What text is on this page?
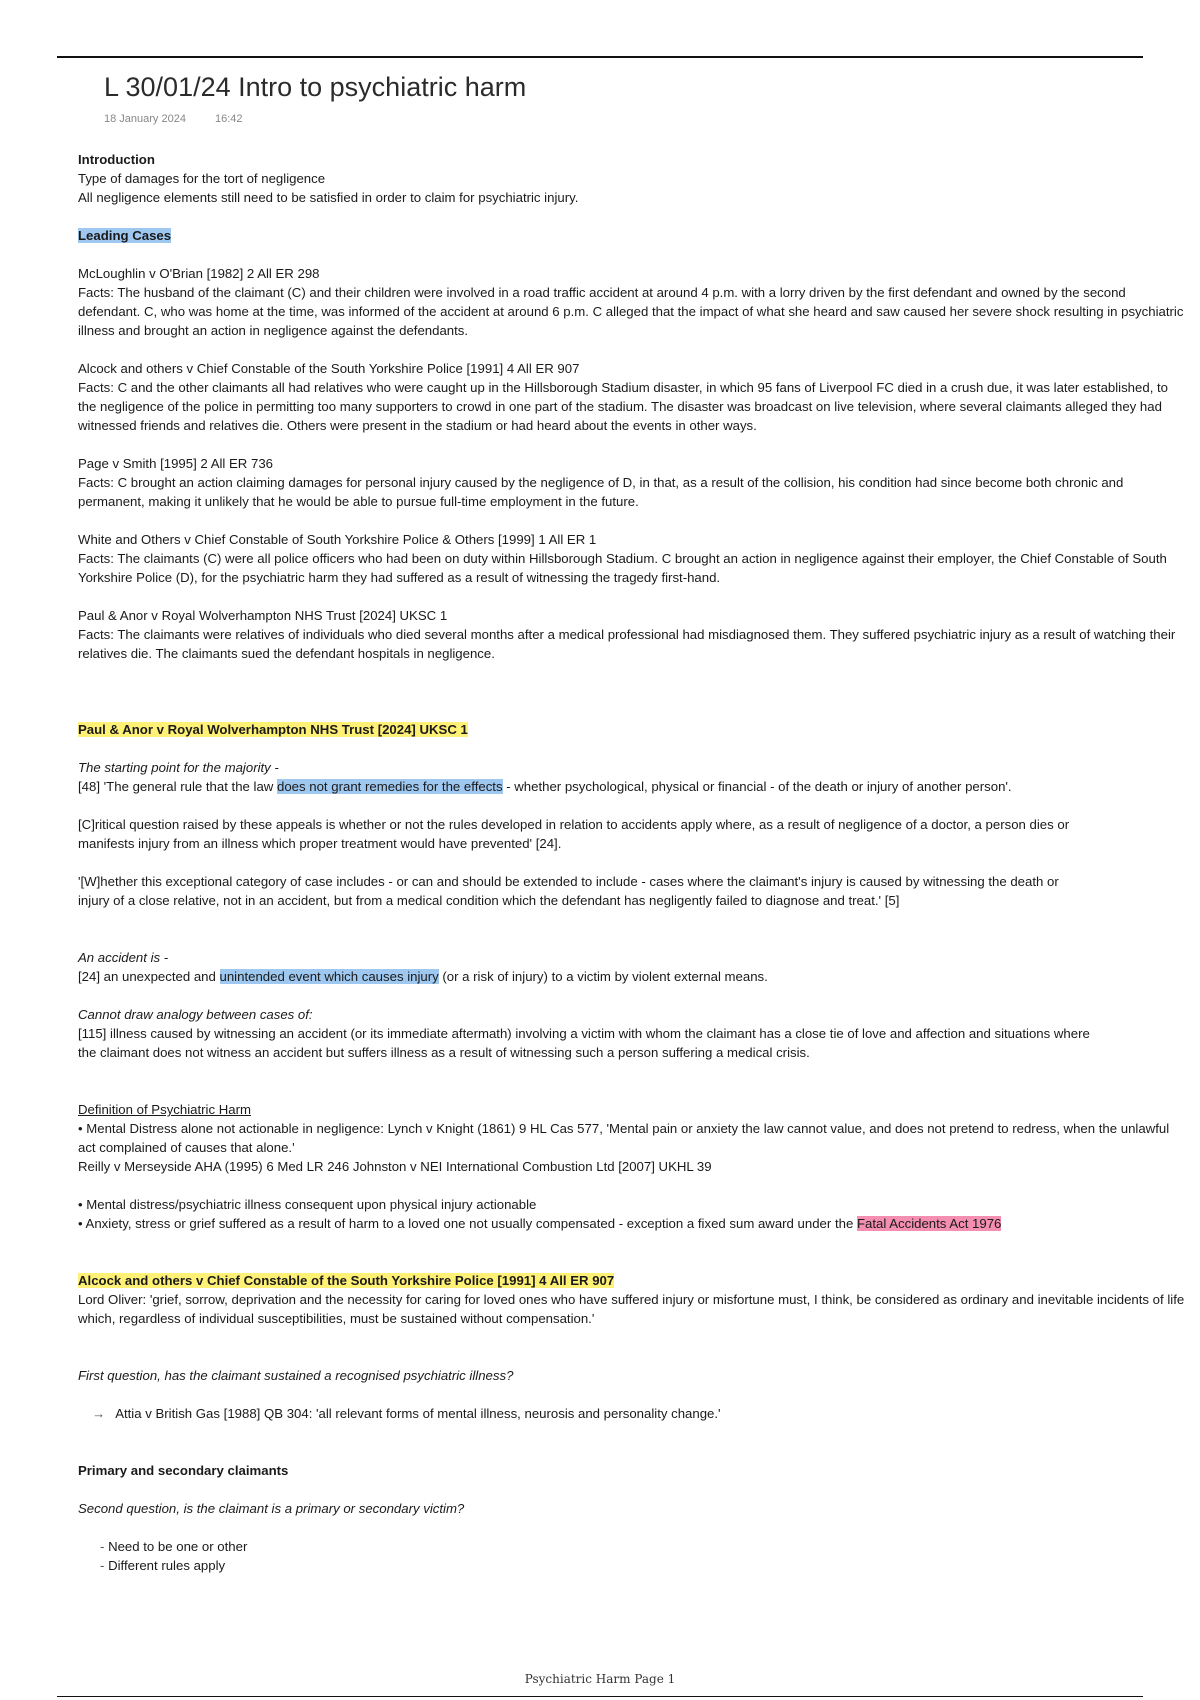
L 30/01/24 Intro to psychiatric harm
18 January 2024	16:42

Introduction

Type of damages for the tort of negligence

All negligence elements still need to be satisfied in order to claim for psychiatric injury.

Leading Cases

McLoughlin v O'Brian [1982] 2 All ER 298

Facts: The husband of the claimant (C) and their children were involved in a road traffic accident at around 4 p.m. with a lorry driven by the first defendant and owned by the second defendant. C, who was home at the time, was informed of the accident at around 6 p.m. C alleged that the impact of what she heard and saw caused her severe shock resulting in psychiatric illness and brought an action in negligence against the defendants.

Alcock and others v Chief Constable of the South Yorkshire Police [1991] 4 All ER 907

Facts: C and the other claimants all had relatives who were caught up in the Hillsborough Stadium disaster, in which 95 fans of Liverpool FC died in a crush due, it was later established, to the negligence of the police in permitting too many supporters to crowd in one part of the stadium. The disaster was broadcast on live television, where several claimants alleged they had witnessed friends and relatives die. Others were present in the stadium or had heard about the events in other ways.

Page v Smith [1995] 2 All ER 736

Facts: C brought an action claiming damages for personal injury caused by the negligence of D, in that, as a result of the collision, his condition had since become both chronic and permanent, making it unlikely that he would be able to pursue full-time employment in the future.

White and Others v Chief Constable of South Yorkshire Police & Others [1999] 1 All ER 1

Facts: The claimants (C) were all police officers who had been on duty within Hillsborough Stadium. C brought an action in negligence against their employer, the Chief Constable of South Yorkshire Police (D), for the psychiatric harm they had suffered as a result of witnessing the tragedy first-hand.

Paul & Anor v Royal Wolverhampton NHS Trust [2024] UKSC 1

Facts: The claimants were relatives of individuals who died several months after a medical professional had misdiagnosed them. They suffered psychiatric injury as a result of watching their relatives die. The claimants sued the defendant hospitals in negligence.

Paul & Anor v Royal Wolverhampton NHS Trust [2024] UKSC 1

The starting point for the majority -

[48] 'The general rule that the law does not grant remedies for the effects - whether psychological, physical or financial - of the death or injury of another person'.

[C]ritical question raised by these appeals is whether or not the rules developed in relation to accidents apply where, as a result of negligence of a doctor, a person dies or manifests injury from an illness which proper treatment would have prevented' [24].

'[W]hether this exceptional category of case includes - or can and should be extended to include - cases where the claimant's injury is caused by witnessing the death or injury of a close relative, not in an accident, but from a medical condition which the defendant has negligently failed to diagnose and treat.' [5]

An accident is -

[24] an unexpected and unintended event which causes injury (or a risk of injury) to a victim by violent external means.

Cannot draw analogy between cases of:

[115] illness caused by witnessing an accident (or its immediate aftermath) involving a victim with whom the claimant has a close tie of love and affection and situations where the claimant does not witness an accident but suffers illness as a result of witnessing such a person suffering a medical crisis.

Definition of Psychiatric Harm

• Mental Distress alone not actionable in negligence: Lynch v Knight (1861) 9 HL Cas 577, 'Mental pain or anxiety the law cannot value, and does not pretend to redress, when the unlawful act complained of causes that alone.'

Reilly v Merseyside AHA (1995) 6 Med LR 246 Johnston v NEI International Combustion Ltd [2007] UKHL 39

• Mental distress/psychiatric illness consequent upon physical injury actionable

• Anxiety, stress or grief suffered as a result of harm to a loved one not usually compensated - exception a fixed sum award under the Fatal Accidents Act 1976

Alcock and others v Chief Constable of the South Yorkshire Police [1991] 4 All ER 907

Lord Oliver: 'grief, sorrow, deprivation and the necessity for caring for loved ones who have suffered injury or misfortune must, I think, be considered as ordinary and inevitable incidents of life which, regardless of individual susceptibilities, must be sustained without compensation.'

First question, has the claimant sustained a recognised psychiatric illness?

→ Attia v British Gas [1988] QB 304: 'all relevant forms of mental illness, neurosis and personality change.'

Primary and secondary claimants

Second question, is the claimant is a primary or secondary victim?

- Need to be one or other
- Different rules apply
Psychiatric Harm Page 1
